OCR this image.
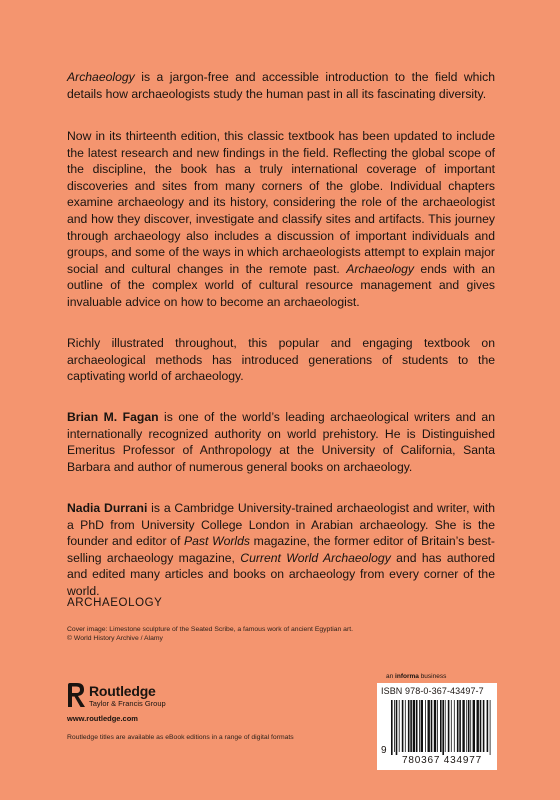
Archaeology is a jargon-free and accessible introduction to the field which details how archaeologists study the human past in all its fascinating diversity.

Now in its thirteenth edition, this classic textbook has been updated to include the latest research and new findings in the field. Reflecting the global scope of the discipline, the book has a truly international coverage of important discoveries and sites from many corners of the globe. Individual chapters examine archaeology and its history, considering the role of the archaeologist and how they discover, investigate and classify sites and artifacts. This journey through archaeology also includes a discussion of important individuals and groups, and some of the ways in which archaeologists attempt to explain major social and cultural changes in the remote past. Archaeology ends with an outline of the complex world of cultural resource management and gives invaluable advice on how to become an archaeologist.

Richly illustrated throughout, this popular and engaging textbook on archaeological methods has introduced generations of students to the captivating world of archaeology.

Brian M. Fagan is one of the world’s leading archaeological writers and an internationally recognized authority on world prehistory. He is Distinguished Emeritus Professor of Anthropology at the University of California, Santa Barbara and author of numerous general books on archaeology.

Nadia Durrani is a Cambridge University-trained archaeologist and writer, with a PhD from University College London in Arabian archaeology. She is the founder and editor of Past Worlds magazine, the former editor of Britain’s best-selling archaeology magazine, Current World Archaeology and has authored and edited many articles and books on archaeology from every corner of the world.

ARCHAEOLOGY
Cover image: Limestone sculpture of the Seated Scribe, a famous work of ancient Egyptian art.
© World History Archive / Alamy
Routledge
Taylor & Francis Group
www.routledge.com
Routledge titles are available as eBook editions in a range of digital formats
an informa business
ISBN 978-0-367-43497-7
9
780367 434977
